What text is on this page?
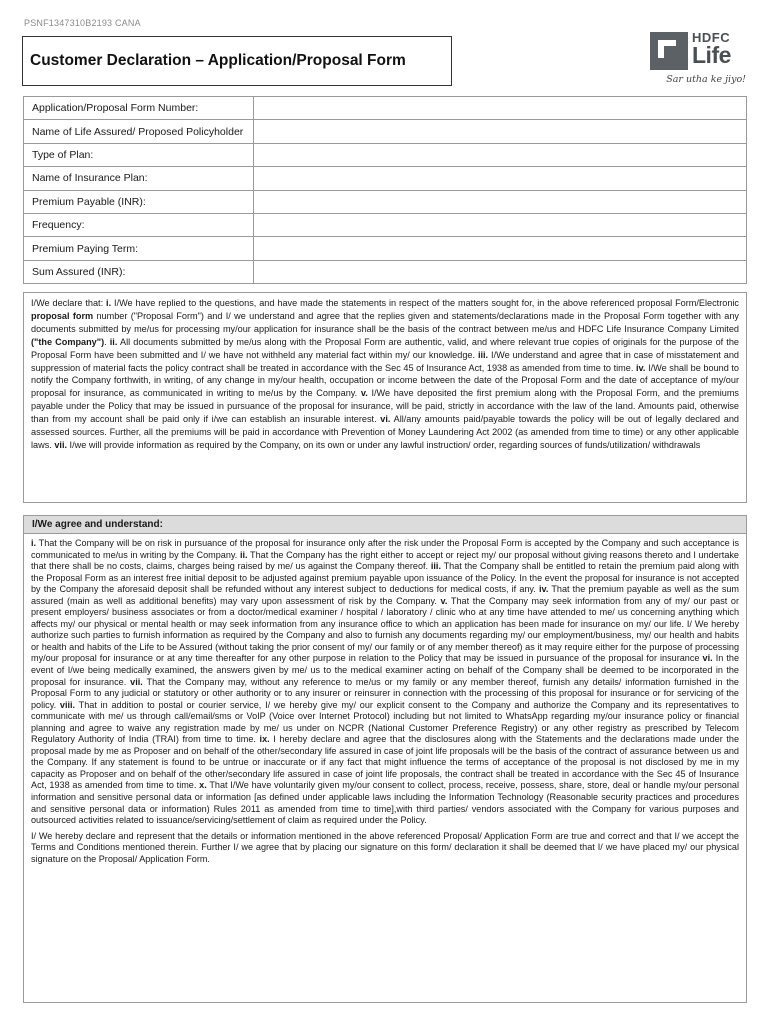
PSNF1347310B2193 CANA
Customer Declaration – Application/Proposal Form
HDFC
Life
Sar utha ke jiyo!
Application/Proposal Form Number:	
Name of Life Assured/ Proposed Policyholder	
Type of Plan:	
Name of Insurance Plan:	
Premium Payable (INR):	
Frequency:	
Premium Paying Term:	
Sum Assured (INR):	
I/We declare that: i. I/We have replied to the questions, and have made the statements in respect of the matters sought for, in the above referenced proposal Form/Electronic proposal form number ("Proposal Form") and I/ we understand and agree that the replies given and statements/declarations made in the Proposal Form together with any documents submitted by me/us for processing my/our application for insurance shall be the basis of the contract between me/us and HDFC Life Insurance Company Limited ("the Company"). ii. All documents submitted by me/us along with the Proposal Form are authentic, valid, and where relevant true copies of originals for the purpose of the Proposal Form have been submitted and I/ we have not withheld any material fact within my/ our knowledge. iii. I/We understand and agree that in case of misstatement and suppression of material facts the policy contract shall be treated in accordance with the Sec 45 of Insurance Act, 1938 as amended from time to time. iv. I/We shall be bound to notify the Company forthwith, in writing, of any change in my/our health, occupation or income between the date of the Proposal Form and the date of acceptance of my/our proposal for insurance, as communicated in writing to me/us by the Company. v. I/We have deposited the first premium along with the Proposal Form, and the premiums payable under the Policy that may be issued in pursuance of the proposal for insurance, will be paid, strictly in accordance with the law of the land. Amounts paid, otherwise than from my account shall be paid only if i/we can establish an insurable interest. vi. All/any amounts paid/payable towards the policy will be out of legally declared and assessed sources. Further, all the premiums will be paid in accordance with Prevention of Money Laundering Act 2002 (as amended from time to time) or any other applicable laws. vii. I/we will provide information as required by the Company, on its own or under any lawful instruction/ order, regarding sources of funds/utilization/ withdrawals
I/We agree and understand:

i. That the Company will be on risk in pursuance of the proposal for insurance only after the risk under the Proposal Form is accepted by the Company and such acceptance is communicated to me/us in writing by the Company. ii. That the Company has the right either to accept or reject my/ our proposal without giving reasons thereto and I undertake that there shall be no costs, claims, charges being raised by me/ us against the Company thereof. iii. That the Company shall be entitled to retain the premium paid along with the Proposal Form as an interest free initial deposit to be adjusted against premium payable upon issuance of the Policy. In the event the proposal for insurance is not accepted by the Company the aforesaid deposit shall be refunded without any interest subject to deductions for medical costs, if any. iv. That the premium payable as well as the sum assured (main as well as additional benefits) may vary upon assessment of risk by the Company. v. That the Company may seek information from any of my/ our past or present employers/ business associates or from a doctor/medical examiner / hospital / laboratory / clinic who at any time have attended to me/ us concerning anything which affects my/ our physical or mental health or may seek information from any insurance office to which an application has been made for insurance on my/ our life. I/ We hereby authorize such parties to furnish information as required by the Company and also to furnish any documents regarding my/ our employment/business, my/ our health and habits or health and habits of the Life to be Assured (without taking the prior consent of my/ our family or of any member thereof) as it may require either for the purpose of processing my/our proposal for insurance or at any time thereafter for any other purpose in relation to the Policy that may be issued in pursuance of the proposal for insurance vi. In the event of I/we being medically examined, the answers given by me/ us to the medical examiner acting on behalf of the Company shall be deemed to be incorporated in the proposal for insurance. vii. That the Company may, without any reference to me/us or my family or any member thereof, furnish any details/ information furnished in the Proposal Form to any judicial or statutory or other authority or to any insurer or reinsurer in connection with the processing of this proposal for insurance or for servicing of the policy. viii. That in addition to postal or courier service, I/ we hereby give my/ our explicit consent to the Company and authorize the Company and its representatives to communicate with me/ us through call/email/sms or VoIP (Voice over Internet Protocol) including but not limited to WhatsApp regarding my/our insurance policy or financial planning and agree to waive any registration made by me/ us under on NCPR (National Customer Preference Registry) or any other registry as prescribed by Telecom Regulatory Authority of India (TRAI) from time to time. ix. I hereby declare and agree that the disclosures along with the Statements and the declarations made under the proposal made by me as Proposer and on behalf of the other/secondary life assured in case of joint life proposals will be the basis of the contract of assurance between us and the Company. If any statement is found to be untrue or inaccurate or if any fact that might influence the terms of acceptance of the proposal is not disclosed by me in my capacity as Proposer and on behalf of the other/secondary life assured in case of joint life proposals, the contract shall be treated in accordance with the Sec 45 of Insurance Act, 1938 as amended from time to time. x. That I/We have voluntarily given my/our consent to collect, process, receive, possess, share, store, deal or handle my/our personal information and sensitive personal data or information [as defined under applicable laws including the Information Technology (Reasonable security practices and procedures and sensitive personal data or information) Rules 2011 as amended from time to time],with third parties/ vendors associated with the Company for various purposes and outsourced activities related to issuance/servicing/settlement of claim as required under the Policy.

I/ We hereby declare and represent that the details or information mentioned in the above referenced Proposal/ Application Form are true and correct and that I/ we accept the Terms and Conditions mentioned therein. Further I/ we agree that by placing our signature on this form/ declaration it shall be deemed that I/ we have placed my/ our physical signature on the Proposal/ Application Form.
